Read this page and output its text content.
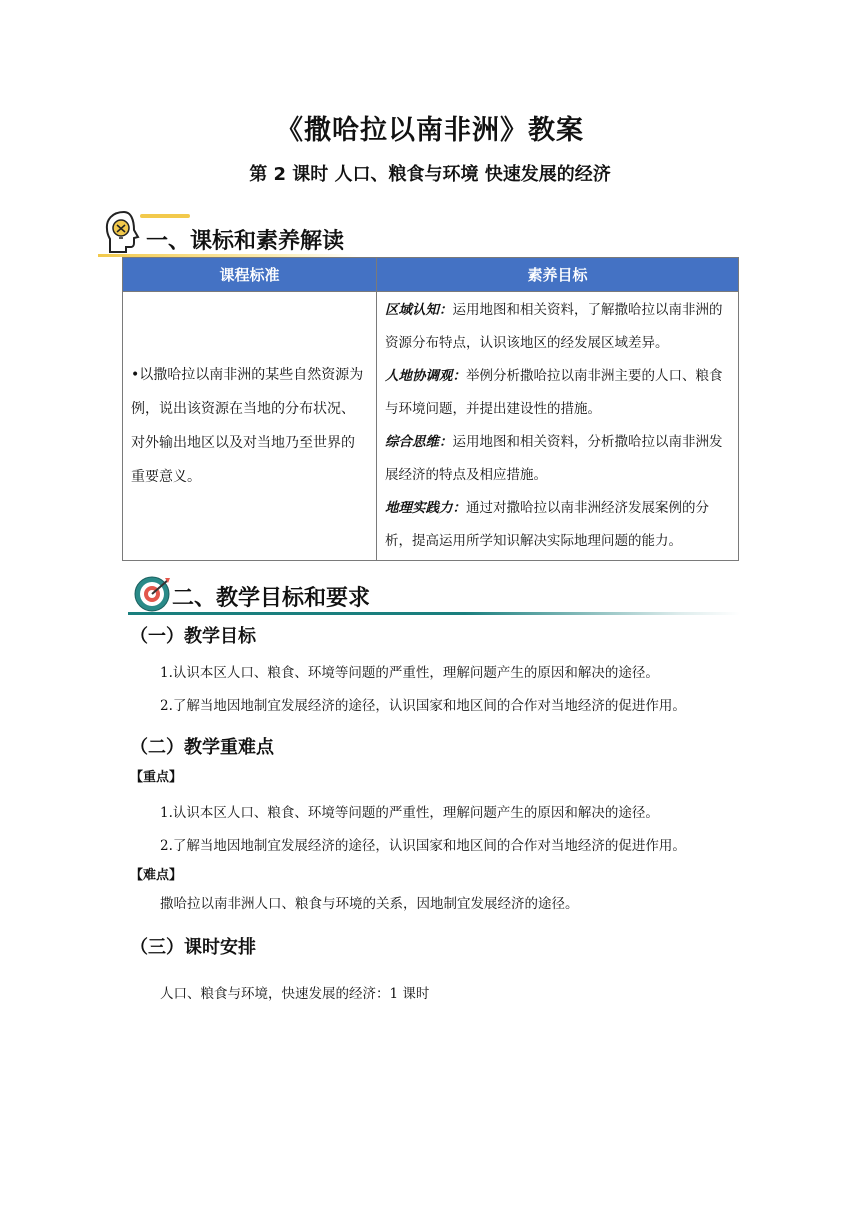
《撒哈拉以南非洲》教案
第 2 课时 人口、粮食与环境 快速发展的经济
一、课标和素养解读
课程标准	素养目标
•以撒哈拉以南非洲的某些自然资源为例，说出该资源在当地的分布状况、对外输出地区以及对当地乃至世界的重要意义。	区域认知：运用地图和相关资料，了解撒哈拉以南非洲的资源分布特点，认识该地区的经发展区域差异。
人地协调观：举例分析撒哈拉以南非洲主要的人口、粮食与环境问题，并提出建设性的措施。
综合思维：运用地图和相关资料，分析撒哈拉以南非洲发展经济的特点及相应措施。
地理实践力：通过对撒哈拉以南非洲经济发展案例的分析，提高运用所学知识解决实际地理问题的能力。
二、教学目标和要求
（一）教学目标
1.认识本区人口、粮食、环境等问题的严重性，理解问题产生的原因和解决的途径。
2.了解当地因地制宜发展经济的途径，认识国家和地区间的合作对当地经济的促进作用。
（二）教学重难点
【重点】
1.认识本区人口、粮食、环境等问题的严重性，理解问题产生的原因和解决的途径。
2.了解当地因地制宜发展经济的途径，认识国家和地区间的合作对当地经济的促进作用。
【难点】
撒哈拉以南非洲人口、粮食与环境的关系，因地制宜发展经济的途径。
（三）课时安排
人口、粮食与环境，快速发展的经济：1 课时
